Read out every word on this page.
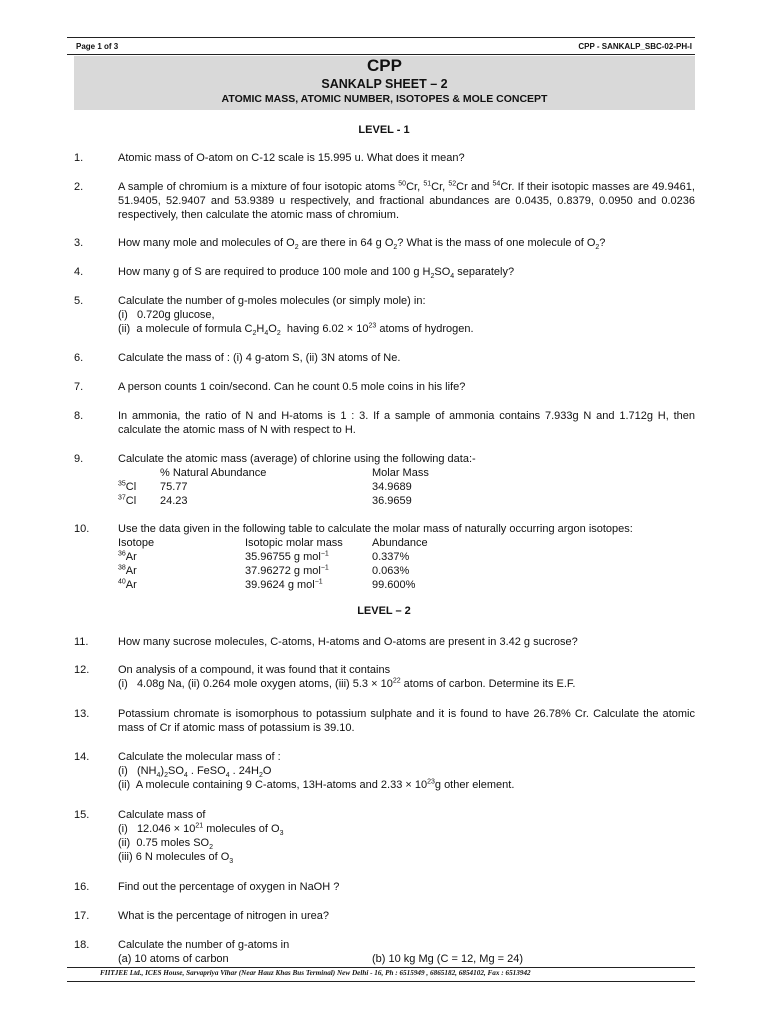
Page 1 of 3	CPP - SANKALP_SBC-02-PH-I
CPP
SANKALP SHEET – 2
ATOMIC MASS, ATOMIC NUMBER, ISOTOPES & MOLE CONCEPT
LEVEL - 1
1.	Atomic mass of O-atom on C-12 scale is 15.995 u. What does it mean?
2.	A sample of chromium is a mixture of four isotopic atoms $^{50}$Cr, $^{51}$Cr, $^{52}$Cr and $^{54}$Cr. If their isotopic masses are 49.9461, 51.9405, 52.9407 and 53.9389 u respectively, and fractional abundances are 0.0435, 0.8379, 0.0950 and 0.0236 respectively, then calculate the atomic mass of chromium.
3.	How many mole and molecules of $O_2$ are there in 64 g $O_2$? What is the mass of one molecule of $O_2$?
4.	How many g of S are required to produce 100 mole and 100 g $H_2SO_4$ separately?
5.	Calculate the number of g-moles molecules (or simply mole) in:
(i)   0.720g glucose,
(ii)  a molecule of formula $C_2H_4O_2$  having $6.02 \times 10^{23}$ atoms of hydrogen.
6.	Calculate the mass of : (i) 4 g-atom S, (ii) 3N atoms of Ne.
7.	A person counts 1 coin/second. Can he count 0.5 mole coins in his life?
8.	In ammonia, the ratio of N and H-atoms is 1 : 3. If a sample of ammonia contains 7.933g N and 1.712g H, then calculate the atomic mass of N with respect to H.
9.	Calculate the atomic mass (average) of chlorine using the following data:-
% Natural Abundance	Molar Mass
$^{35}$Cl 75.77	34.9689
$^{37}$Cl 24.23	36.9659
10.	Use the data given in the following table to calculate the molar mass of naturally occurring argon isotopes:
Isotope	Isotopic molar mass	Abundance
$^{36}$Ar	35.96755 g mol$^{-1}$	0.337%
$^{38}$Ar	37.96272 g mol$^{-1}$	0.063%
$^{40}$Ar	39.9624 g mol$^{-1}$	99.600%
LEVEL – 2
11.	How many sucrose molecules, C-atoms, H-atoms and O-atoms are present in 3.42 g sucrose?
12.	On analysis of a compound, it was found that it contains
(i)   4.08g Na, (ii) 0.264 mole oxygen atoms, (iii) $5.3 \times 10^{22}$ atoms of carbon. Determine its E.F.
13.	Potassium chromate is isomorphous to potassium sulphate and it is found to have 26.78% Cr. Calculate the atomic mass of Cr if atomic mass of potassium is 39.10.
14.	Calculate the molecular mass of :
(i)   $(NH_4)_2SO_4$ . FeSO$_4$ . $24H_2O$
(ii)  A molecule containing 9 C-atoms, 13H-atoms and $2.33 \times 10^{23}g$ other element.
15.	Calculate mass of
(i)   $12.046 \times 10^{21}$ molecules of $O_3$
(ii)  0.75 moles $SO_2$
(iii) 6 N molecules of $O_3$
16.	Find out the percentage of oxygen in NaOH ?
17.	What is the percentage of nitrogen in urea?
18.	Calculate the number of g-atoms in
(a) 10 atoms of carbon	(b) 10 kg Mg (C = 12, Mg = 24)
FIITJEE Ltd., ICES House, Sarvapriya Vihar (Near Hauz Khas Bus Terminal) New Delhi - 16, Ph : 6515949 , 6865182, 6854102, Fax : 6513942
